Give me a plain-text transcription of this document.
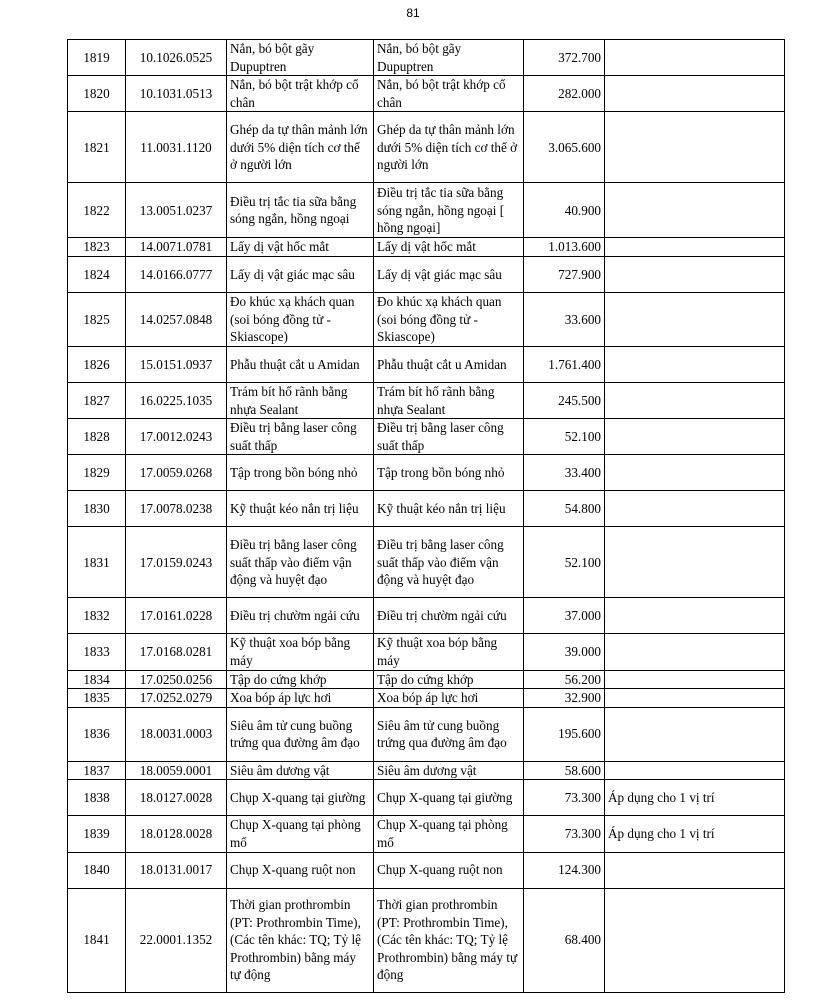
81
1819	10.1026.0525	Nắn, bó bột gãy Dupuptren	Nắn, bó bột gãy Dupuptren	372.700	
1820	10.1031.0513	Nắn, bó bột trật khớp cổ chân	Nắn, bó bột trật khớp cổ chân	282.000	
1821	11.0031.1120	Ghép da tự thân mảnh lớn dưới 5% diện tích cơ thể ở người lớn	Ghép da tự thân mảnh lớn dưới 5% diện tích cơ thể ở người lớn	3.065.600	
1822	13.0051.0237	Điều trị tắc tia sữa bằng sóng ngắn, hồng ngoại	Điều trị tắc tia sữa bằng sóng ngắn, hồng ngoại [ hồng ngoại]	40.900	
1823	14.0071.0781	Lấy dị vật hốc mắt	Lấy dị vật hốc mắt	1.013.600	
1824	14.0166.0777	Lấy dị vật giác mạc sâu	Lấy dị vật giác mạc sâu	727.900	
1825	14.0257.0848	Đo khúc xạ khách quan (soi bóng đồng tử - Skiascope)	Đo khúc xạ khách quan (soi bóng đồng tử - Skiascope)	33.600	
1826	15.0151.0937	Phẫu thuật cắt u Amidan	Phẫu thuật cắt u Amidan	1.761.400	
1827	16.0225.1035	Trám bít hố rãnh bằng nhựa Sealant	Trám bít hố rãnh bằng nhựa Sealant	245.500	
1828	17.0012.0243	Điều trị bằng laser công suất thấp	Điều trị bằng laser công suất thấp	52.100	
1829	17.0059.0268	Tập trong bồn bóng nhỏ	Tập trong bồn bóng nhỏ	33.400	
1830	17.0078.0238	Kỹ thuật kéo nắn trị liệu	Kỹ thuật kéo nắn trị liệu	54.800	
1831	17.0159.0243	Điều trị bằng laser công suất thấp vào điểm vận động và huyệt đạo	Điều trị bằng laser công suất thấp vào điểm vận động và huyệt đạo	52.100	
1832	17.0161.0228	Điều trị chườm ngải cứu	Điều trị chườm ngải cứu	37.000	
1833	17.0168.0281	Kỹ thuật xoa bóp bằng máy	Kỹ thuật xoa bóp bằng máy	39.000	
1834	17.0250.0256	Tập do cứng khớp	Tập do cứng khớp	56.200	
1835	17.0252.0279	Xoa bóp áp lực hơi	Xoa bóp áp lực hơi	32.900	
1836	18.0031.0003	Siêu âm tử cung buồng trứng qua đường âm đạo	Siêu âm tử cung buồng trứng qua đường âm đạo	195.600	
1837	18.0059.0001	Siêu âm dương vật	Siêu âm dương vật	58.600	
1838	18.0127.0028	Chụp X-quang tại giường	Chụp X-quang tại giường	73.300	Áp dụng cho 1 vị trí
1839	18.0128.0028	Chụp X-quang tại phòng mổ	Chụp X-quang tại phòng mổ	73.300	Áp dụng cho 1 vị trí
1840	18.0131.0017	Chụp X-quang ruột non	Chụp X-quang ruột non	124.300	
1841	22.0001.1352	Thời gian prothrombin (PT: Prothrombin Time), (Các tên khác: TQ; Tỷ lệ Prothrombin) bằng máy tự động	Thời gian prothrombin (PT: Prothrombin Time), (Các tên khác: TQ; Tỷ lệ Prothrombin) bằng máy tự động	68.400	
